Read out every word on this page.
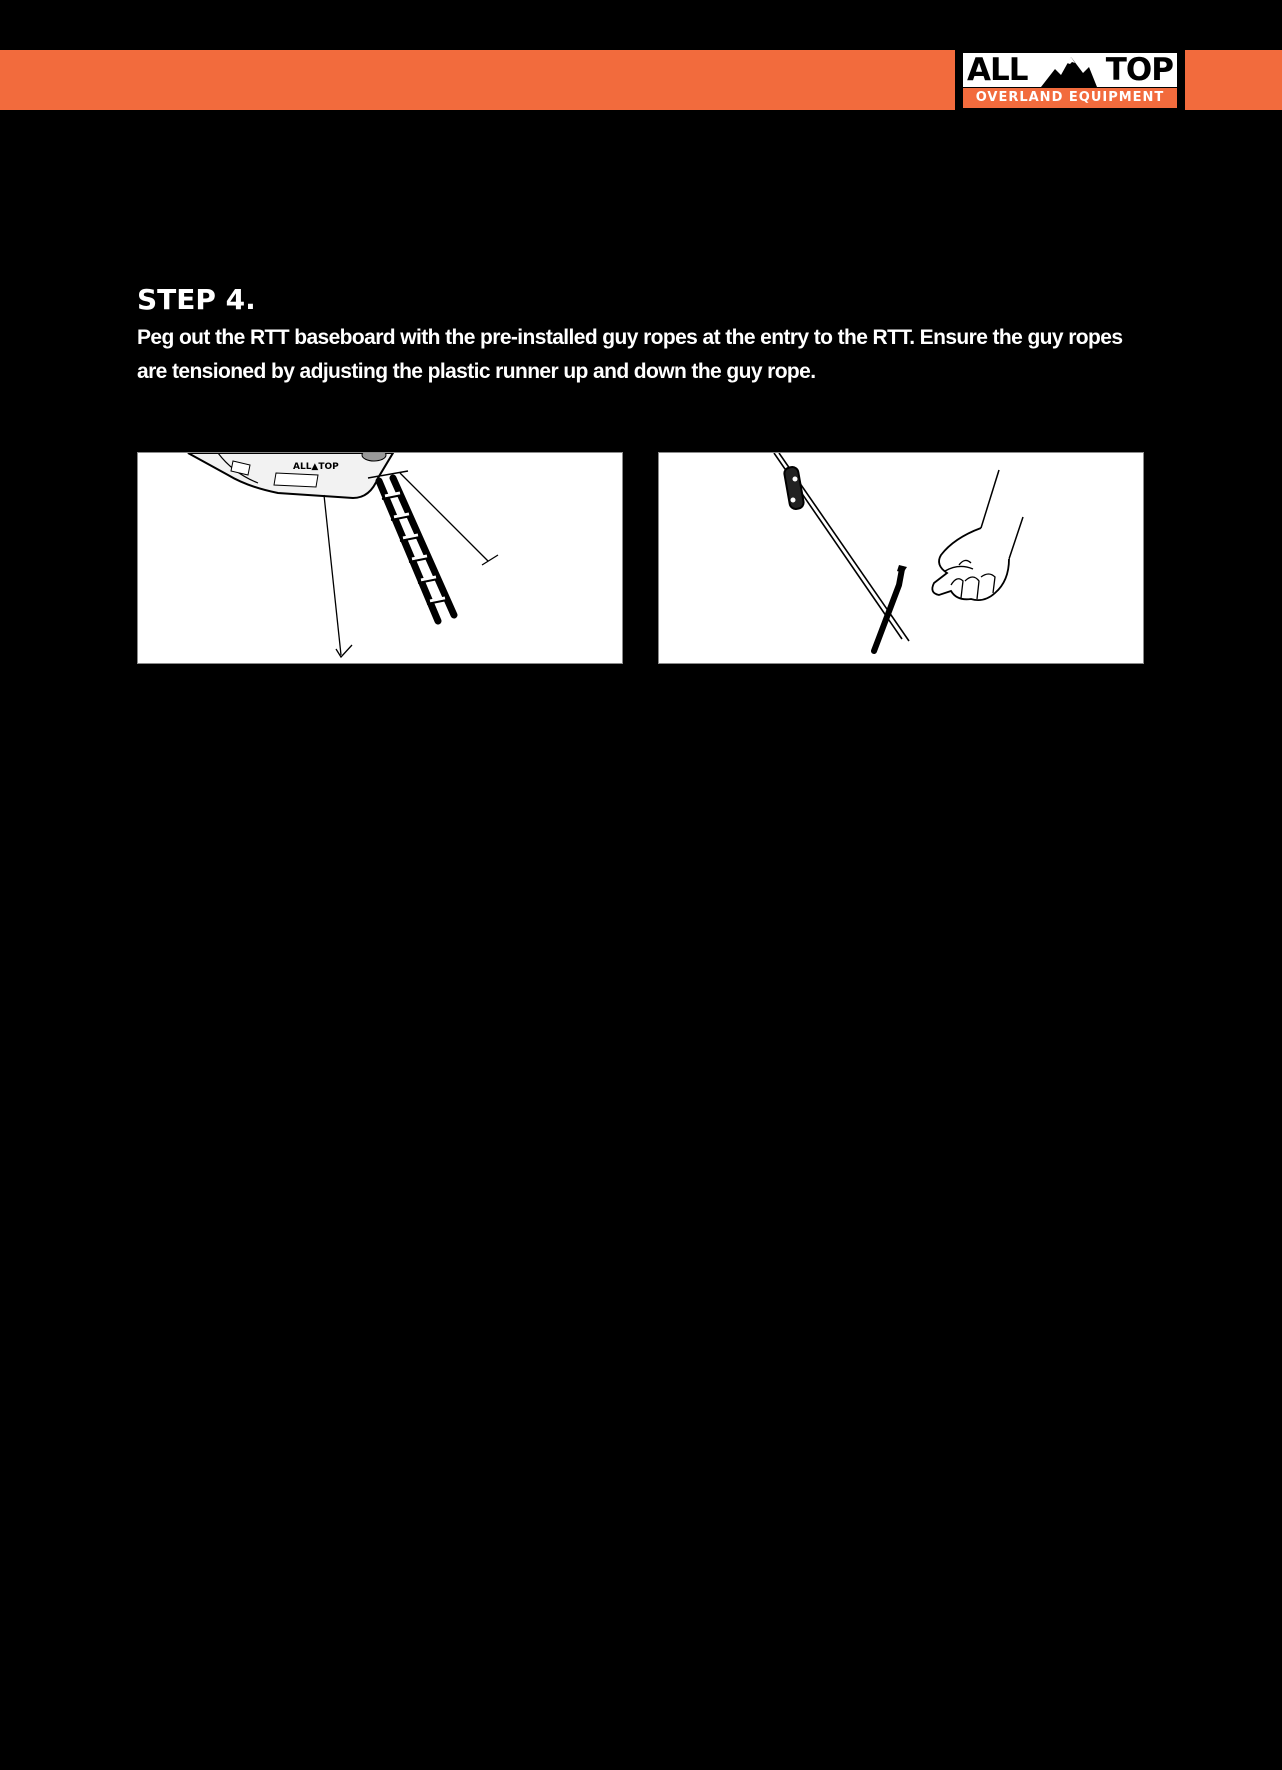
ALL	TOP
OVERLAND EQUIPMENT
STEP 4.

Peg out the RTT baseboard with the pre-installed guy ropes at the entry to the RTT. Ensure the guy ropes are tensioned by adjusting the plastic runner up and down the guy rope.

ALL▲TOP
